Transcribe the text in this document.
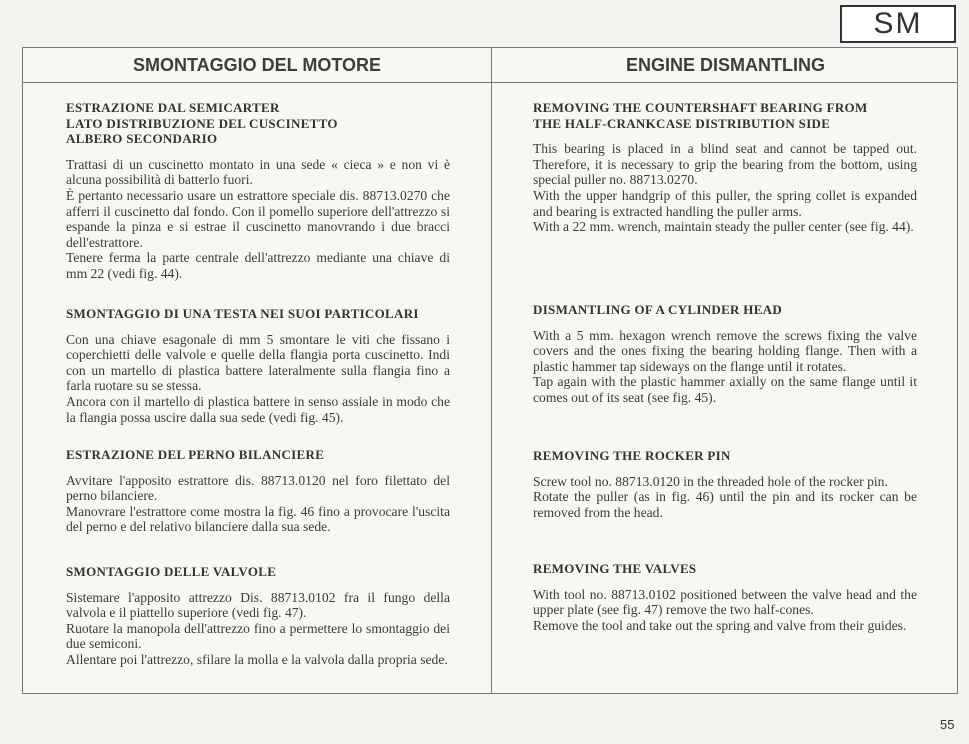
SM
SMONTAGGIO DEL MOTORE	ENGINE DISMANTLING
ESTRAZIONE DAL SEMICARTER
LATO DISTRIBUZIONE DEL CUSCINETTO
ALBERO SECONDARIO

Trattasi di un cuscinetto montato in una sede « cieca » e non vi è alcuna possibilità di batterlo fuori.

È pertanto necessario usare un estrattore speciale dis. 88713.0270 che afferri il cuscinetto dal fondo. Con il pomello superiore dell'attrezzo si espande la pinza e si estrae il cuscinetto manovrando i due bracci dell'estrattore.

Tenere ferma la parte centrale dell'attrezzo mediante una chiave di mm 22 (vedi fig. 44).

SMONTAGGIO DI UNA TESTA NEI SUOI PARTICOLARI

Con una chiave esagonale di mm 5 smontare le viti che fissano i coperchietti delle valvole e quelle della flangia porta cuscinetto. Indi con un martello di plastica battere lateralmente sulla flangia fino a farla ruotare su se stessa.

Ancora con il martello di plastica battere in senso assiale in modo che la flangia possa uscire dalla sua sede (vedi fig. 45).

ESTRAZIONE DEL PERNO BILANCIERE

Avvitare l'apposito estrattore dis. 88713.0120 nel foro filettato del perno bilanciere.

Manovrare l'estrattore come mostra la fig. 46 fino a provocare l'uscita del perno e del relativo bilanciere dalla sua sede.

SMONTAGGIO DELLE VALVOLE

Sistemare l'apposito attrezzo Dis. 88713.0102 fra il fungo della valvola e il piattello superiore (vedi fig. 47).

Ruotare la manopola dell'attrezzo fino a permettere lo smontaggio dei due semiconi.

Allentare poi l'attrezzo, sfilare la molla e la valvola dalla propria sede.

REMOVING THE COUNTERSHAFT BEARING FROM
THE HALF-CRANKCASE DISTRIBUTION SIDE

This bearing is placed in a blind seat and cannot be tapped out. Therefore, it is necessary to grip the bearing from the bottom, using special puller no. 88713.0270.

With the upper handgrip of this puller, the spring collet is expanded and bearing is extracted handling the puller arms.

With a 22 mm. wrench, maintain steady the puller center (see fig. 44).

DISMANTLING OF A CYLINDER HEAD

With a 5 mm. hexagon wrench remove the screws fixing the valve covers and the ones fixing the bearing holding flange. Then with a plastic hammer tap sideways on the flange until it rotates.

Tap again with the plastic hammer axially on the same flange until it comes out of its seat (see fig. 45).

REMOVING THE ROCKER PIN

Screw tool no. 88713.0120 in the threaded hole of the rocker pin.

Rotate the puller (as in fig. 46) until the pin and its rocker can be removed from the head.

REMOVING THE VALVES

With tool no. 88713.0102 positioned between the valve head and the upper plate (see fig. 47) remove the two half-cones.

Remove the tool and take out the spring and valve from their guides.

55
